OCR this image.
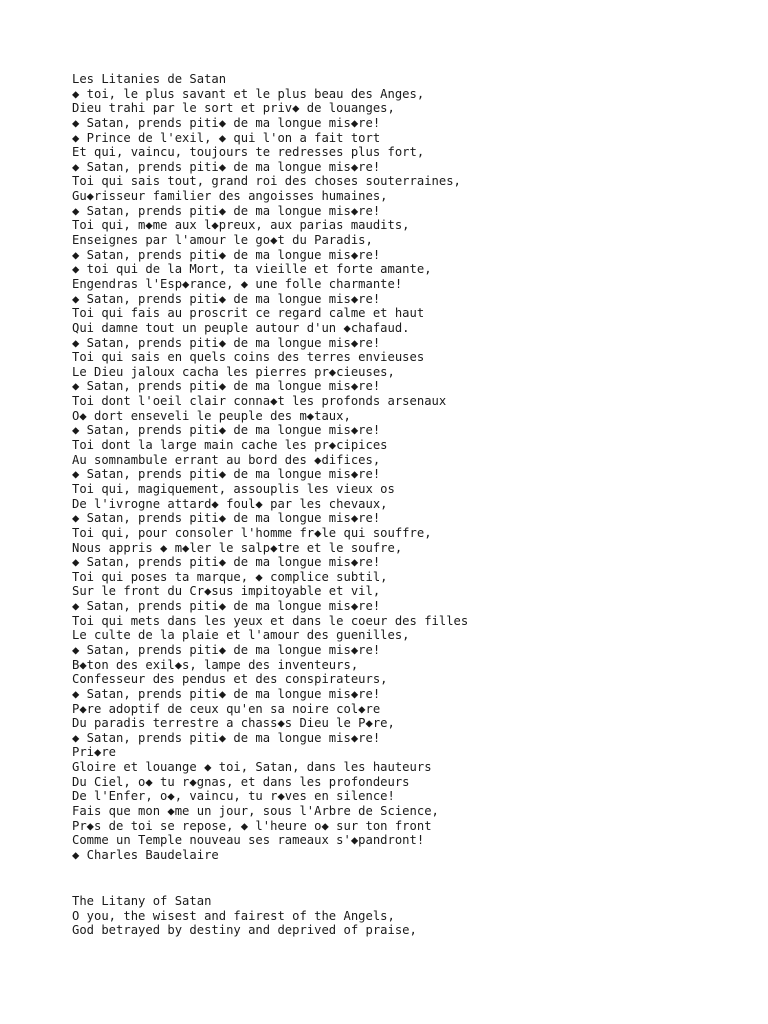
Les Litanies de Satan
◆ toi, le plus savant et le plus beau des Anges,
Dieu trahi par le sort et priv◆ de louanges,
◆ Satan, prends piti◆ de ma longue mis◆re!
◆ Prince de l'exil, ◆ qui l'on a fait tort
Et qui, vaincu, toujours te redresses plus fort,
◆ Satan, prends piti◆ de ma longue mis◆re!
Toi qui sais tout, grand roi des choses souterraines,
Gu◆risseur familier des angoisses humaines,
◆ Satan, prends piti◆ de ma longue mis◆re!
Toi qui, m◆me aux l◆preux, aux parias maudits,
Enseignes par l'amour le go◆t du Paradis,
◆ Satan, prends piti◆ de ma longue mis◆re!
◆ toi qui de la Mort, ta vieille et forte amante,
Engendras l'Esp◆rance, ◆ une folle charmante!
◆ Satan, prends piti◆ de ma longue mis◆re!
Toi qui fais au proscrit ce regard calme et haut
Qui damne tout un peuple autour d'un ◆chafaud.
◆ Satan, prends piti◆ de ma longue mis◆re!
Toi qui sais en quels coins des terres envieuses
Le Dieu jaloux cacha les pierres pr◆cieuses,
◆ Satan, prends piti◆ de ma longue mis◆re!
Toi dont l'oeil clair conna◆t les profonds arsenaux
O◆ dort enseveli le peuple des m◆taux,
◆ Satan, prends piti◆ de ma longue mis◆re!
Toi dont la large main cache les pr◆cipices
Au somnambule errant au bord des ◆difices,
◆ Satan, prends piti◆ de ma longue mis◆re!
Toi qui, magiquement, assouplis les vieux os
De l'ivrogne attard◆ foul◆ par les chevaux,
◆ Satan, prends piti◆ de ma longue mis◆re!
Toi qui, pour consoler l'homme fr◆le qui souffre,
Nous appris ◆ m◆ler le salp◆tre et le soufre,
◆ Satan, prends piti◆ de ma longue mis◆re!
Toi qui poses ta marque, ◆ complice subtil,
Sur le front du Cr◆sus impitoyable et vil,
◆ Satan, prends piti◆ de ma longue mis◆re!
Toi qui mets dans les yeux et dans le coeur des filles
Le culte de la plaie et l'amour des guenilles,
◆ Satan, prends piti◆ de ma longue mis◆re!
B◆ton des exil◆s, lampe des inventeurs,
Confesseur des pendus et des conspirateurs,
◆ Satan, prends piti◆ de ma longue mis◆re!
P◆re adoptif de ceux qu'en sa noire col◆re
Du paradis terrestre a chass◆s Dieu le P◆re,
◆ Satan, prends piti◆ de ma longue mis◆re!
Pri◆re
Gloire et louange ◆ toi, Satan, dans les hauteurs
Du Ciel, o◆ tu r◆gnas, et dans les profondeurs
De l'Enfer, o◆, vaincu, tu r◆ves en silence!
Fais que mon ◆me un jour, sous l'Arbre de Science,
Pr◆s de toi se repose, ◆ l'heure o◆ sur ton front
Comme un Temple nouveau ses rameaux s'◆pandront!
◆ Charles Baudelaire
The Litany of Satan
O you, the wisest and fairest of the Angels,
God betrayed by destiny and deprived of praise,
